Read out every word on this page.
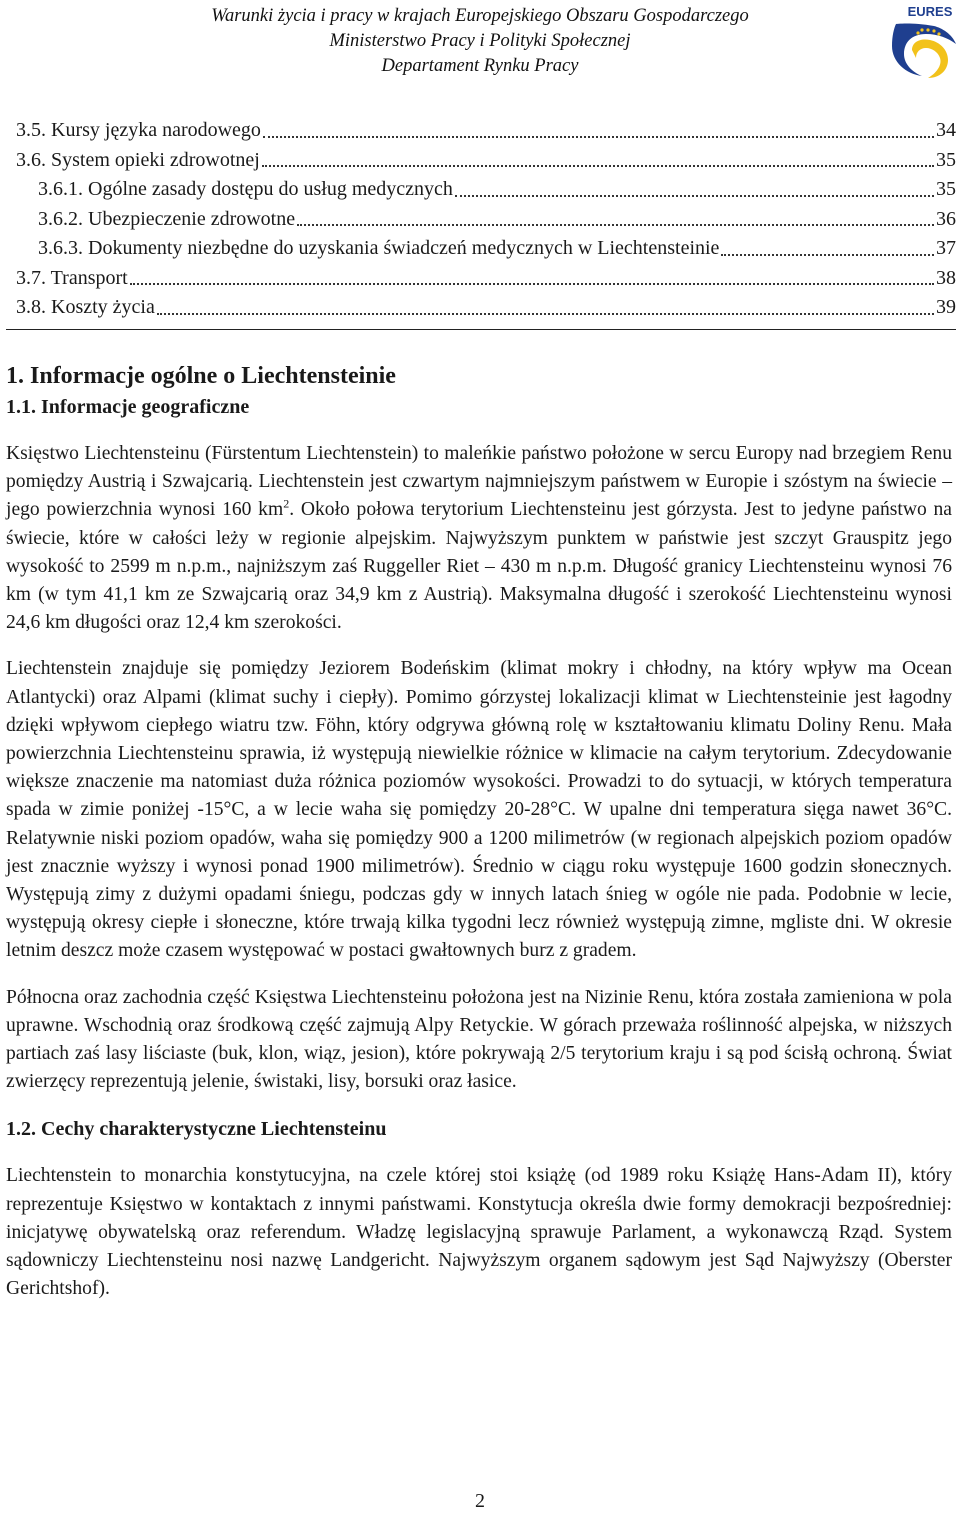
Warunki życia i pracy w krajach Europejskiego Obszaru Gospodarczego
Ministerstwo Pracy i Polityki Społecznej
Departament Rynku Pracy
EURES
3.5. Kursy języka narodowego	34
3.6. System opieki zdrowotnej	35
3.6.1. Ogólne zasady dostępu do usług medycznych	35
3.6.2. Ubezpieczenie zdrowotne	36
3.6.3. Dokumenty niezbędne do uzyskania świadczeń medycznych w Liechtensteinie	37
3.7. Transport	38
3.8. Koszty życia	39
1. Informacje ogólne o Liechtensteinie
1.1. Informacje geograficzne

Księstwo Liechtensteinu (Fürstentum Liechtenstein) to maleńkie państwo położone w sercu Europy nad brzegiem Renu pomiędzy Austrią i Szwajcarią. Liechtenstein jest czwartym najmniejszym państwem w Europie i szóstym na świecie – jego powierzchnia wynosi 160 $km^2$. Około połowa terytorium Liechtensteinu jest górzysta. Jest to jedyne państwo na świecie, które w całości leży w regionie alpejskim. Najwyższym punktem w państwie jest szczyt Grauspitz jego wysokość to 2599 m n.p.m., najniższym zaś Ruggeller Riet – 430 m n.p.m. Długość granicy Liechtensteinu wynosi 76 km (w tym 41,1 km ze Szwajcarią oraz 34,9 km z Austrią). Maksymalna długość i szerokość Liechtensteinu wynosi 24,6 km długości oraz 12,4 km szerokości.

Liechtenstein znajduje się pomiędzy Jeziorem Bodeńskim (klimat mokry i chłodny, na który wpływ ma Ocean Atlantycki) oraz Alpami (klimat suchy i ciepły). Pomimo górzystej lokalizacji klimat w Liechtensteinie jest łagodny dzięki wpływom ciepłego wiatru tzw. Föhn, który odgrywa główną rolę w kształtowaniu klimatu Doliny Renu. Mała powierzchnia Liechtensteinu sprawia, iż występują niewielkie różnice w klimacie na całym terytorium. Zdecydowanie większe znaczenie ma natomiast duża różnica poziomów wysokości. Prowadzi to do sytuacji, w których temperatura spada w zimie poniżej -15°C, a w lecie waha się pomiędzy 20-28°C. W upalne dni temperatura sięga nawet 36°C. Relatywnie niski poziom opadów, waha się pomiędzy 900 a 1200 milimetrów (w regionach alpejskich poziom opadów jest znacznie wyższy i wynosi ponad 1900 milimetrów). Średnio w ciągu roku występuje 1600 godzin słonecznych. Występują zimy z dużymi opadami śniegu, podczas gdy w innych latach śnieg w ogóle nie pada. Podobnie w lecie, występują okresy ciepłe i słoneczne, które trwają kilka tygodni lecz również występują zimne, mgliste dni. W okresie letnim deszcz może czasem występować w postaci gwałtownych burz z gradem.

Północna oraz zachodnia część Księstwa Liechtensteinu położona jest na Nizinie Renu, która została zamieniona w pola uprawne. Wschodnią oraz środkową część zajmują Alpy Retyckie. W górach przeważa roślinność alpejska, w niższych partiach zaś lasy liściaste (buk, klon, wiąz, jesion), które pokrywają 2/5 terytorium kraju i są pod ścisłą ochroną. Świat zwierzęcy reprezentują jelenie, świstaki, lisy, borsuki oraz łasice.

1.2. Cechy charakterystyczne Liechtensteinu

Liechtenstein to monarchia konstytucyjna, na czele której stoi książę (od 1989 roku Książę Hans-Adam II), który reprezentuje Księstwo w kontaktach z innymi państwami. Konstytucja określa dwie formy demokracji bezpośredniej: inicjatywę obywatelską oraz referendum. Władzę legislacyjną sprawuje Parlament, a wykonawczą Rząd. System sądowniczy Liechtensteinu nosi nazwę Landgericht. Najwyższym organem sądowym jest Sąd Najwyższy (Oberster Gerichtshof).

2
